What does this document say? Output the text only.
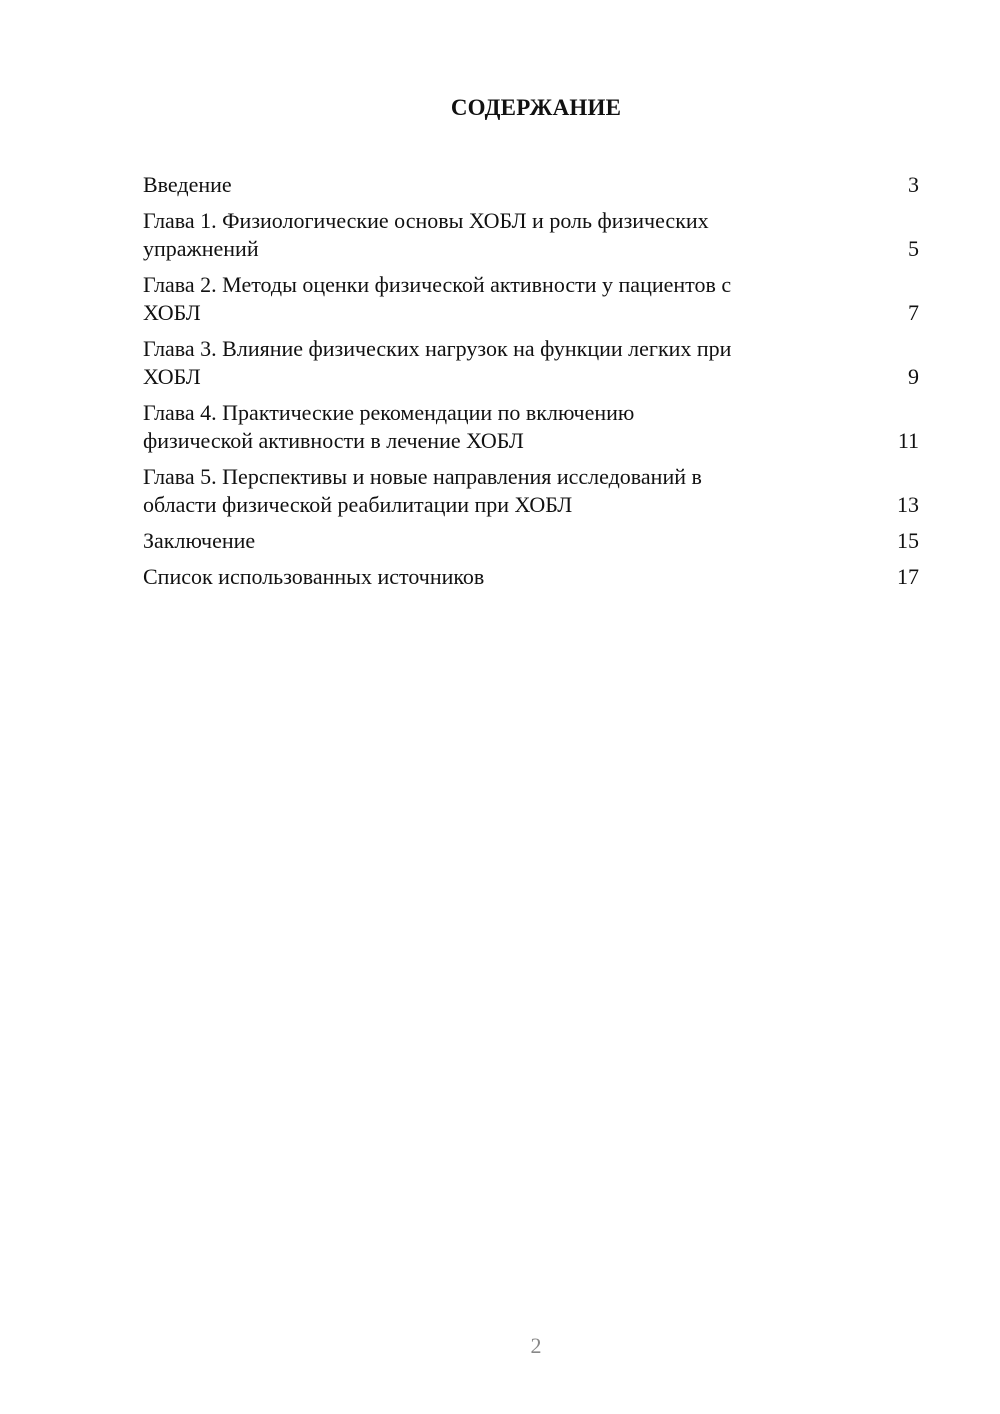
СОДЕРЖАНИЕ
Введение	3
Глава 1. Физиологические основы ХОБЛ и роль физических
упражнений	5
Глава 2. Методы оценки физической активности у пациентов с
ХОБЛ	7
Глава 3. Влияние физических нагрузок на функции легких при
ХОБЛ	9
Глава 4. Практические рекомендации по включению
физической активности в лечение ХОБЛ	11
Глава 5. Перспективы и новые направления исследований в
области физической реабилитации при ХОБЛ	13
Заключение	15
Список использованных источников	17
2
